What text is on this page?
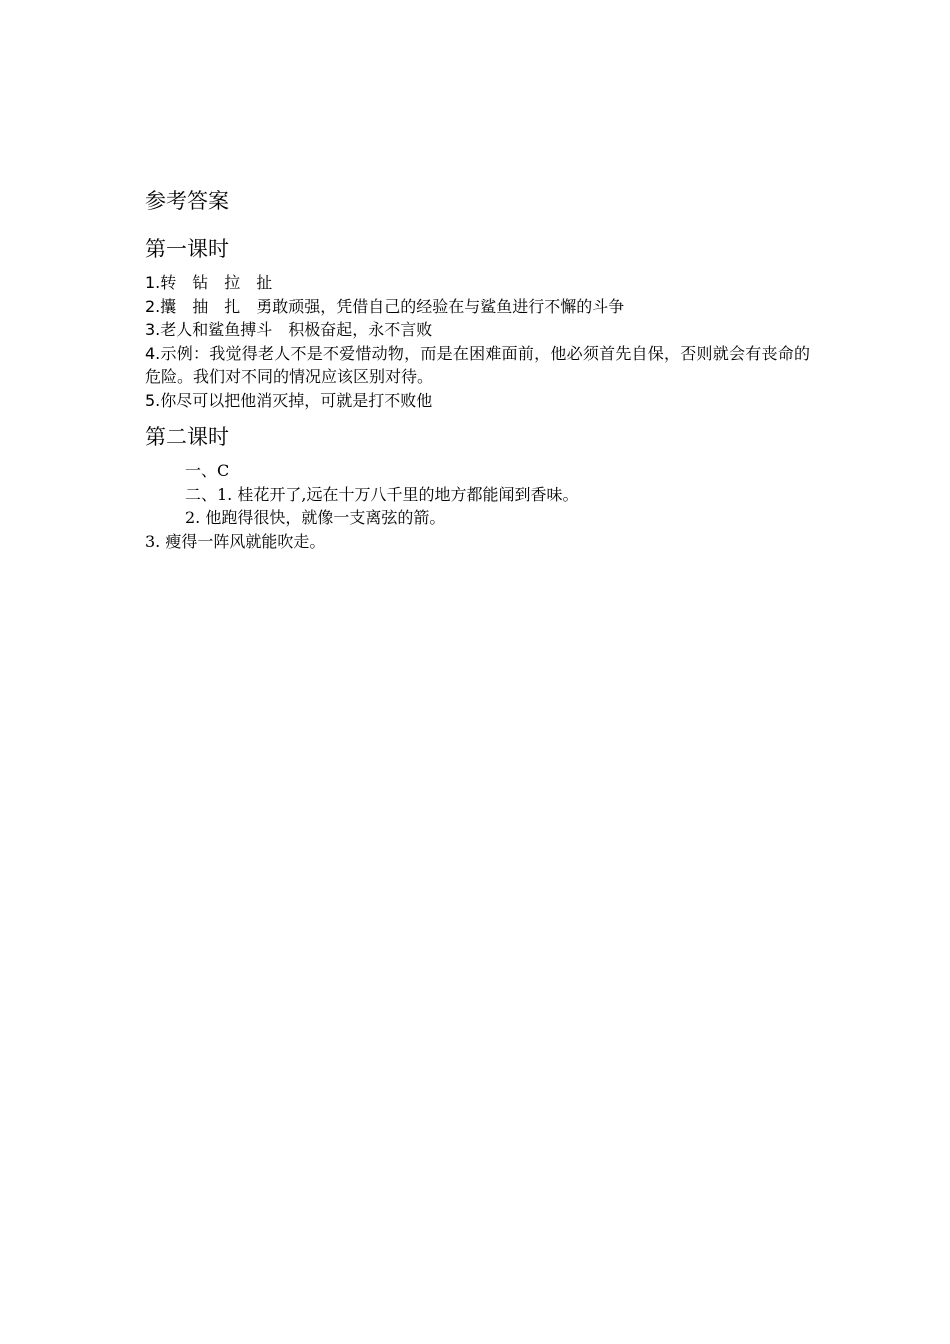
参考答案
第一课时

1.转　钻　拉　扯

2.攮　抽　扎　勇敢顽强，凭借自己的经验在与鲨鱼进行不懈的斗争

3.老人和鲨鱼搏斗　积极奋起，永不言败

4.示例：我觉得老人不是不爱惜动物，而是在困难面前，他必须首先自保，否则就会有丧命的危险。我们对不同的情况应该区别对待。

5.你尽可以把他消灭掉，可就是打不败他

第二课时

一、C

二、1. 桂花开了,远在十万八千里的地方都能闻到香味。

2. 他跑得很快，就像一支离弦的箭。

3. 瘦得一阵风就能吹走。
